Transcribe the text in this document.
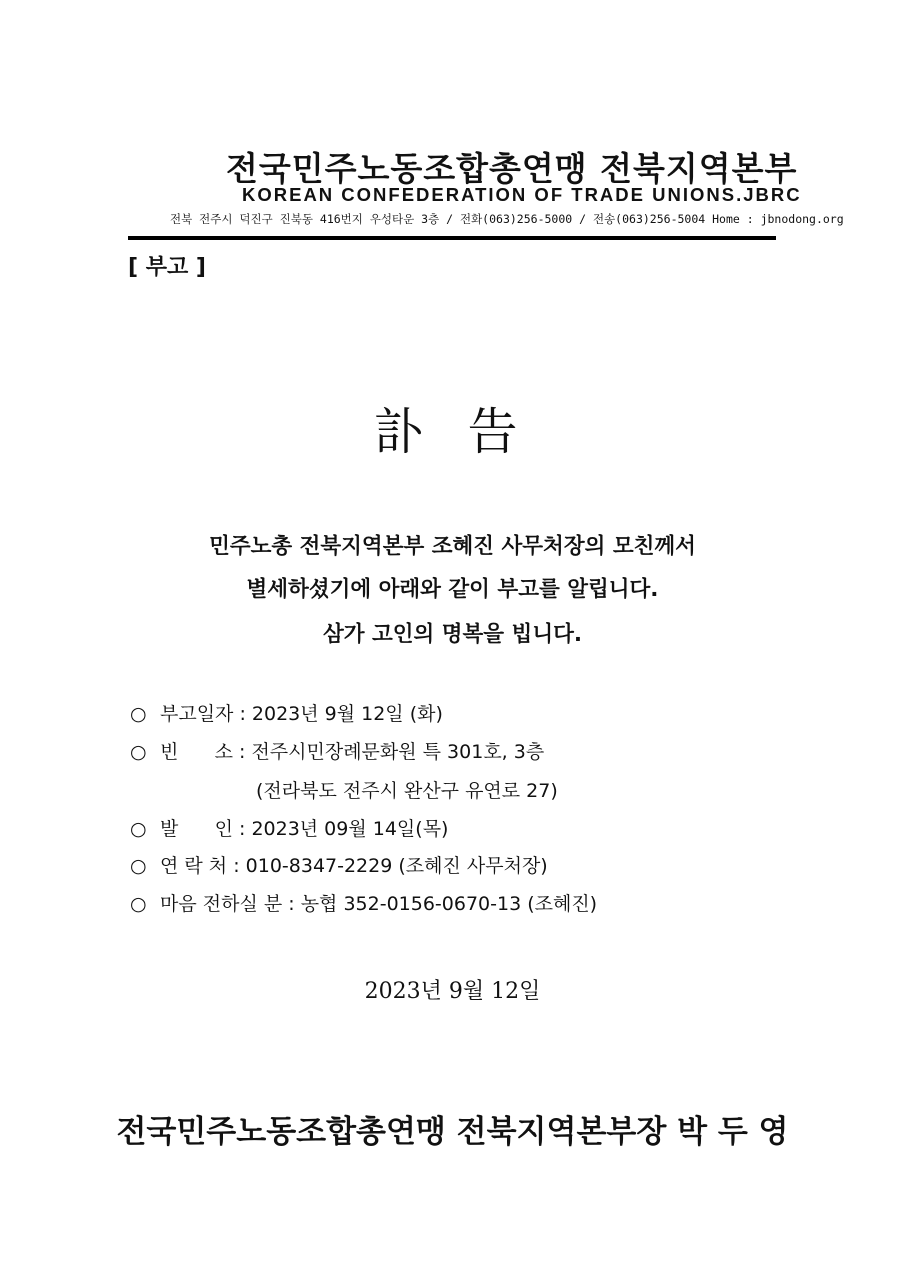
전국민주노동조합총연맹 전북지역본부
KOREAN CONFEDERATION OF TRADE UNIONS.JBRC
전북 전주시 덕진구 진북동 416번지 우성타운 3층 / 전화(063)256-5000 / 전송(063)256-5004 Home : jbnodong.org
[ 부고 ]
訃 告
민주노총 전북지역본부 조혜진 사무처장의 모친께서
별세하셨기에 아래와 같이 부고를 알립니다.
삼가 고인의 명복을 빕니다.
○ 부고일자 : 2023년 9월 12일 (화)
○ 빈      소 : 전주시민장례문화원 특 301호, 3층
(전라북도 전주시 완산구 유연로 27)
○ 발      인 : 2023년 09월 14일(목)
○ 연 락 처 : 010-8347-2229 (조혜진 사무처장)
○ 마음 전하실 분 : 농협 352-0156-0670-13 (조혜진)
2023년 9월 12일
전국민주노동조합총연맹 전북지역본부장 박 두 영
